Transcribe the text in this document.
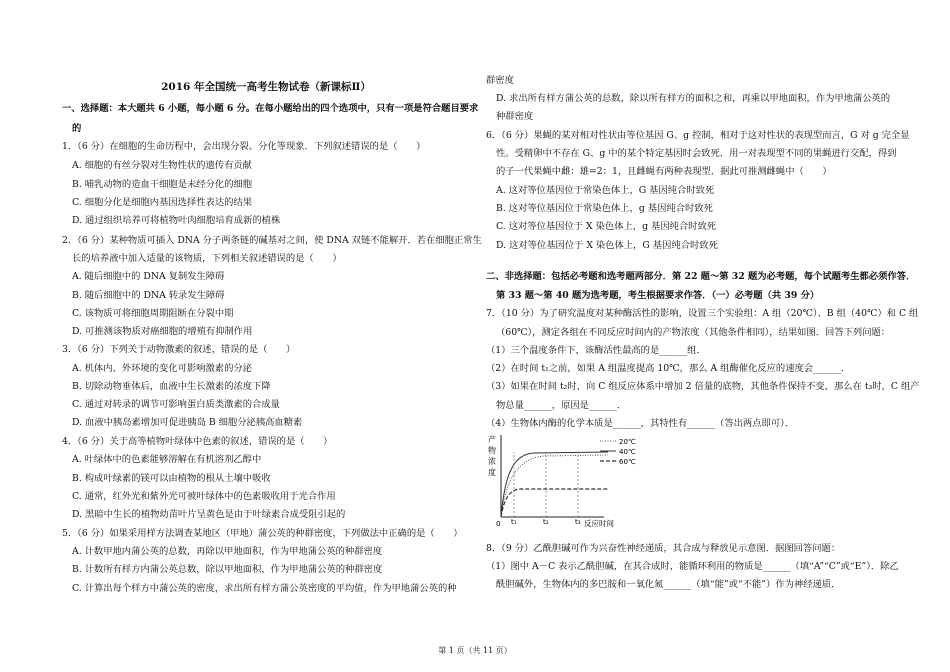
2016 年全国统一高考生物试卷（新课标Ⅱ）
一、选择题：本大题共 6 小题，每小题 6 分。在每小题给出的四个选项中，只有一项是符合题目要求
的
1．（6 分）在细胞的生命历程中，会出现分裂、分化等现象．下列叙述错误的是（　　）
A. 细胞的有丝分裂对生物性状的遗传有贡献
B. 哺乳动物的造血干细胞是未经分化的细胞
C. 细胞分化是细胞内基因选择性表达的结果
D. 通过组织培养可将植物叶肉细胞培育成新的植株
2．（6 分）某种物质可插入 DNA 分子两条链的碱基对之间，使 DNA 双链不能解开．若在细胞正常生
长的培养液中加入适量的该物质，下列相关叙述错误的是（　　）
A. 随后细胞中的 DNA 复制发生障碍
B. 随后细胞中的 DNA 转录发生障碍
C. 该物质可将细胞周期阻断在分裂中期
D. 可推测该物质对癌细胞的增殖有抑制作用
3．（6 分）下列关于动物激素的叙述，错误的是（　　）
A. 机体内、外环境的变化可影响激素的分泌
B. 切除动物垂体后，血液中生长激素的浓度下降
C. 通过对转录的调节可影响蛋白质类激素的合成量
D. 血液中胰岛素增加可促进胰岛 B 细胞分泌胰高血糖素
4．（6 分）关于高等植物叶绿体中色素的叙述，错误的是（　　）
A. 叶绿体中的色素能够溶解在有机溶剂乙醇中
B. 构成叶绿素的镁可以由植物的根从土壤中吸收
C. 通常，红外光和紫外光可被叶绿体中的色素吸收用于光合作用
D. 黑暗中生长的植物幼苗叶片呈黄色是由于叶绿素合成受阻引起的
5．（6 分）如果采用样方法调查某地区（甲地）蒲公英的种群密度，下列做法中正确的是（　　）
A. 计数甲地内蒲公英的总数，再除以甲地面积，作为甲地蒲公英的种群密度
B. 计数所有样方内蒲公英总数，除以甲地面积，作为甲地蒲公英的种群密度
C. 计算出每个样方中蒲公英的密度，求出所有样方蒲公英密度的平均值，作为甲地蒲公英的种
群密度
D. 求出所有样方蒲公英的总数，除以所有样方的面积之和，再乘以甲地面积，作为甲地蒲公英的
种群密度
6．（6 分）果蝇的某对相对性状由等位基因 G、g 控制，相对于这对性状的表现型而言，G 对 g 完全显
性。受精卵中不存在 G、g 中的某个特定基因时会致死．用一对表现型不同的果蝇进行交配，得到
的子一代果蝇中雌：雄=2：1，且雌蝇有两种表现型．据此可推测雌蝇中（　　）
A. 这对等位基因位于常染色体上，G 基因纯合时致死
B. 这对等位基因位于常染色体上，g 基因纯合时致死
C. 这对等位基因位于 X 染色体上，g 基因纯合时致死
D. 这对等位基因位于 X 染色体上，G 基因纯合时致死
二、非选择题：包括必考题和选考题两部分．第 22 题～第 32 题为必考题，每个试题考生都必须作答．
第 33 题～第 40 题为选考题，考生根据要求作答．（一）必考题（共 39 分）
7．（10 分）为了研究温度对某种酶活性的影响，设置三个实验组：A 组（20℃）、B 组（40℃）和 C 组
（60℃），测定各组在不同反应时间内的产物浓度（其他条件相同），结果如图．回答下列问题：
（1）三个温度条件下，该酶活性最高的是______组．
（2）在时间 t₁之前，如果 A 组温度提高 10℃，那么 A 组酶催化反应的速度会______．
（3）如果在时间 t₂时，向 C 组反应体系中增加 2 倍量的底物，其他条件保持不变，那么在 t₃时，C 组产
物总量______，原因是______．
（4）生物体内酶的化学本质是______，其特性有______（答出两点即可）．
产
物
浓
度
0 t₁	t₂	t₃ 反应时间
20℃
40℃
60℃
8．（9 分）乙酰胆碱可作为兴奋性神经递质，其合成与释放见示意图．据图回答问题：
（1）图中 A－C 表示乙酰胆碱，在其合成时，能循环利用的物质是______（填“A”“C”或“E”）．除乙
酰胆碱外，生物体内的多巴胺和一氧化氮______（填“能”或“不能”）作为神经递质．
第 1 页（共 11 页）
